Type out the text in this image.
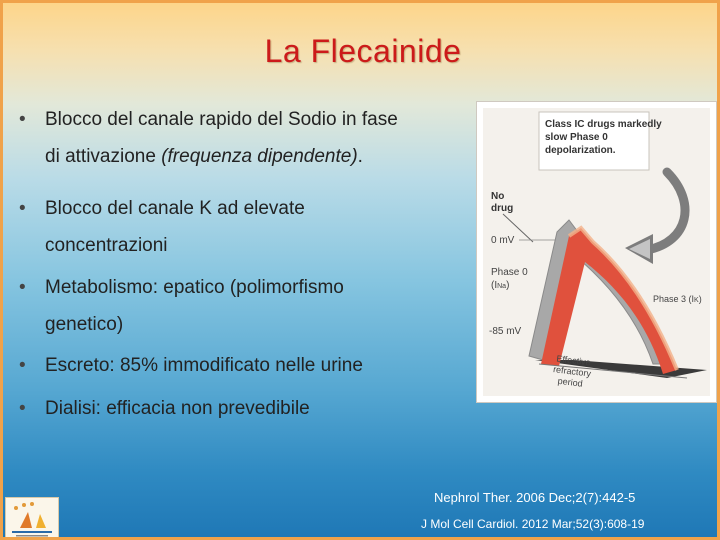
La Flecainide
• Blocco del canale rapido del Sodio in fase
di attivazione (frequenza dipendente).
• Blocco del canale K ad elevate
concentrazioni
• Metabolismo: epatico (polimorfismo
genetico)
• Escreto: 85% immodificato nelle urine
• Dialisi: efficacia non prevedibile
Class IC drugs markedly slow Phase 0 depolarization.
No drug
0 mV
Phase 0 (INa)
Phase 3 (IK)
-85 mV
Effective refractory period
Nephrol Ther. 2006 Dec;2(7):442-5
J Mol Cell Cardiol. 2012 Mar;52(3):608-19
